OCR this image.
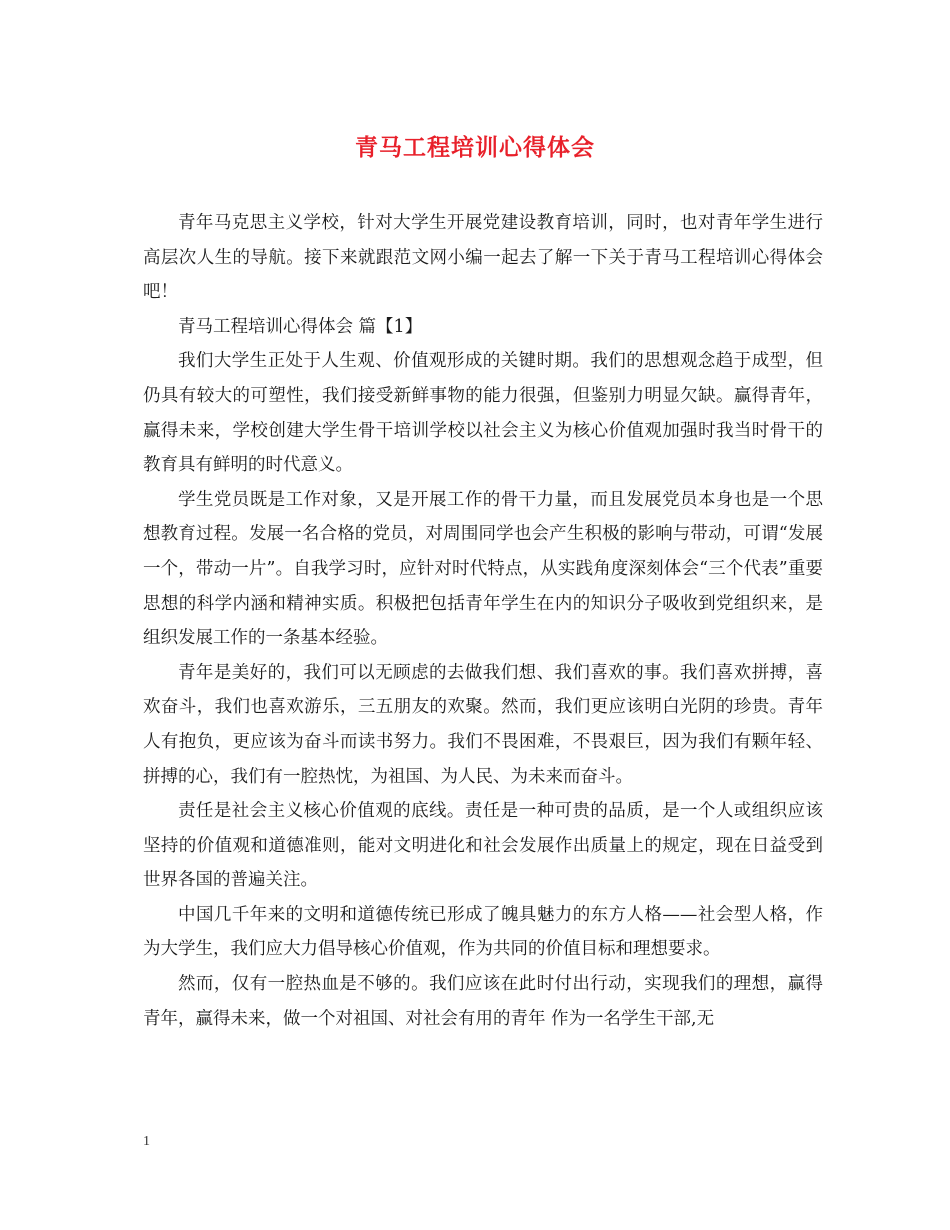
青马工程培训心得体会

青年马克思主义学校，针对大学生开展党建设教育培训，同时，也对青年学生进行高层次人生的导航。接下来就跟范文网小编一起去了解一下关于青马工程培训心得体会吧！

青马工程培训心得体会 篇【1】

我们大学生正处于人生观、价值观形成的关键时期。我们的思想观念趋于成型，但仍具有较大的可塑性，我们接受新鲜事物的能力很强，但鉴别力明显欠缺。赢得青年，赢得未来，学校创建大学生骨干培训学校以社会主义为核心价值观加强时我当时骨干的教育具有鲜明的时代意义。

学生党员既是工作对象，又是开展工作的骨干力量，而且发展党员本身也是一个思想教育过程。发展一名合格的党员，对周围同学也会产生积极的影响与带动，可谓“发展一个，带动一片”。自我学习时，应针对时代特点，从实践角度深刻体会“三个代表”重要思想的科学内涵和精神实质。积极把包括青年学生在内的知识分子吸收到党组织来，是组织发展工作的一条基本经验。

青年是美好的，我们可以无顾虑的去做我们想、我们喜欢的事。我们喜欢拼搏，喜欢奋斗，我们也喜欢游乐，三五朋友的欢聚。然而，我们更应该明白光阴的珍贵。青年人有抱负，更应该为奋斗而读书努力。我们不畏困难，不畏艰巨，因为我们有颗年轻、拼搏的心，我们有一腔热忱，为祖国、为人民、为未来而奋斗。

责任是社会主义核心价值观的底线。责任是一种可贵的品质，是一个人或组织应该坚持的价值观和道德准则，能对文明进化和社会发展作出质量上的规定，现在日益受到世界各国的普遍关注。

中国几千年来的文明和道德传统已形成了魄具魅力的东方人格——社会型人格，作为大学生，我们应大力倡导核心价值观，作为共同的价值目标和理想要求。

然而，仅有一腔热血是不够的。我们应该在此时付出行动，实现我们的理想，赢得青年，赢得未来，做一个对祖国、对社会有用的青年 作为一名学生干部,无

1
